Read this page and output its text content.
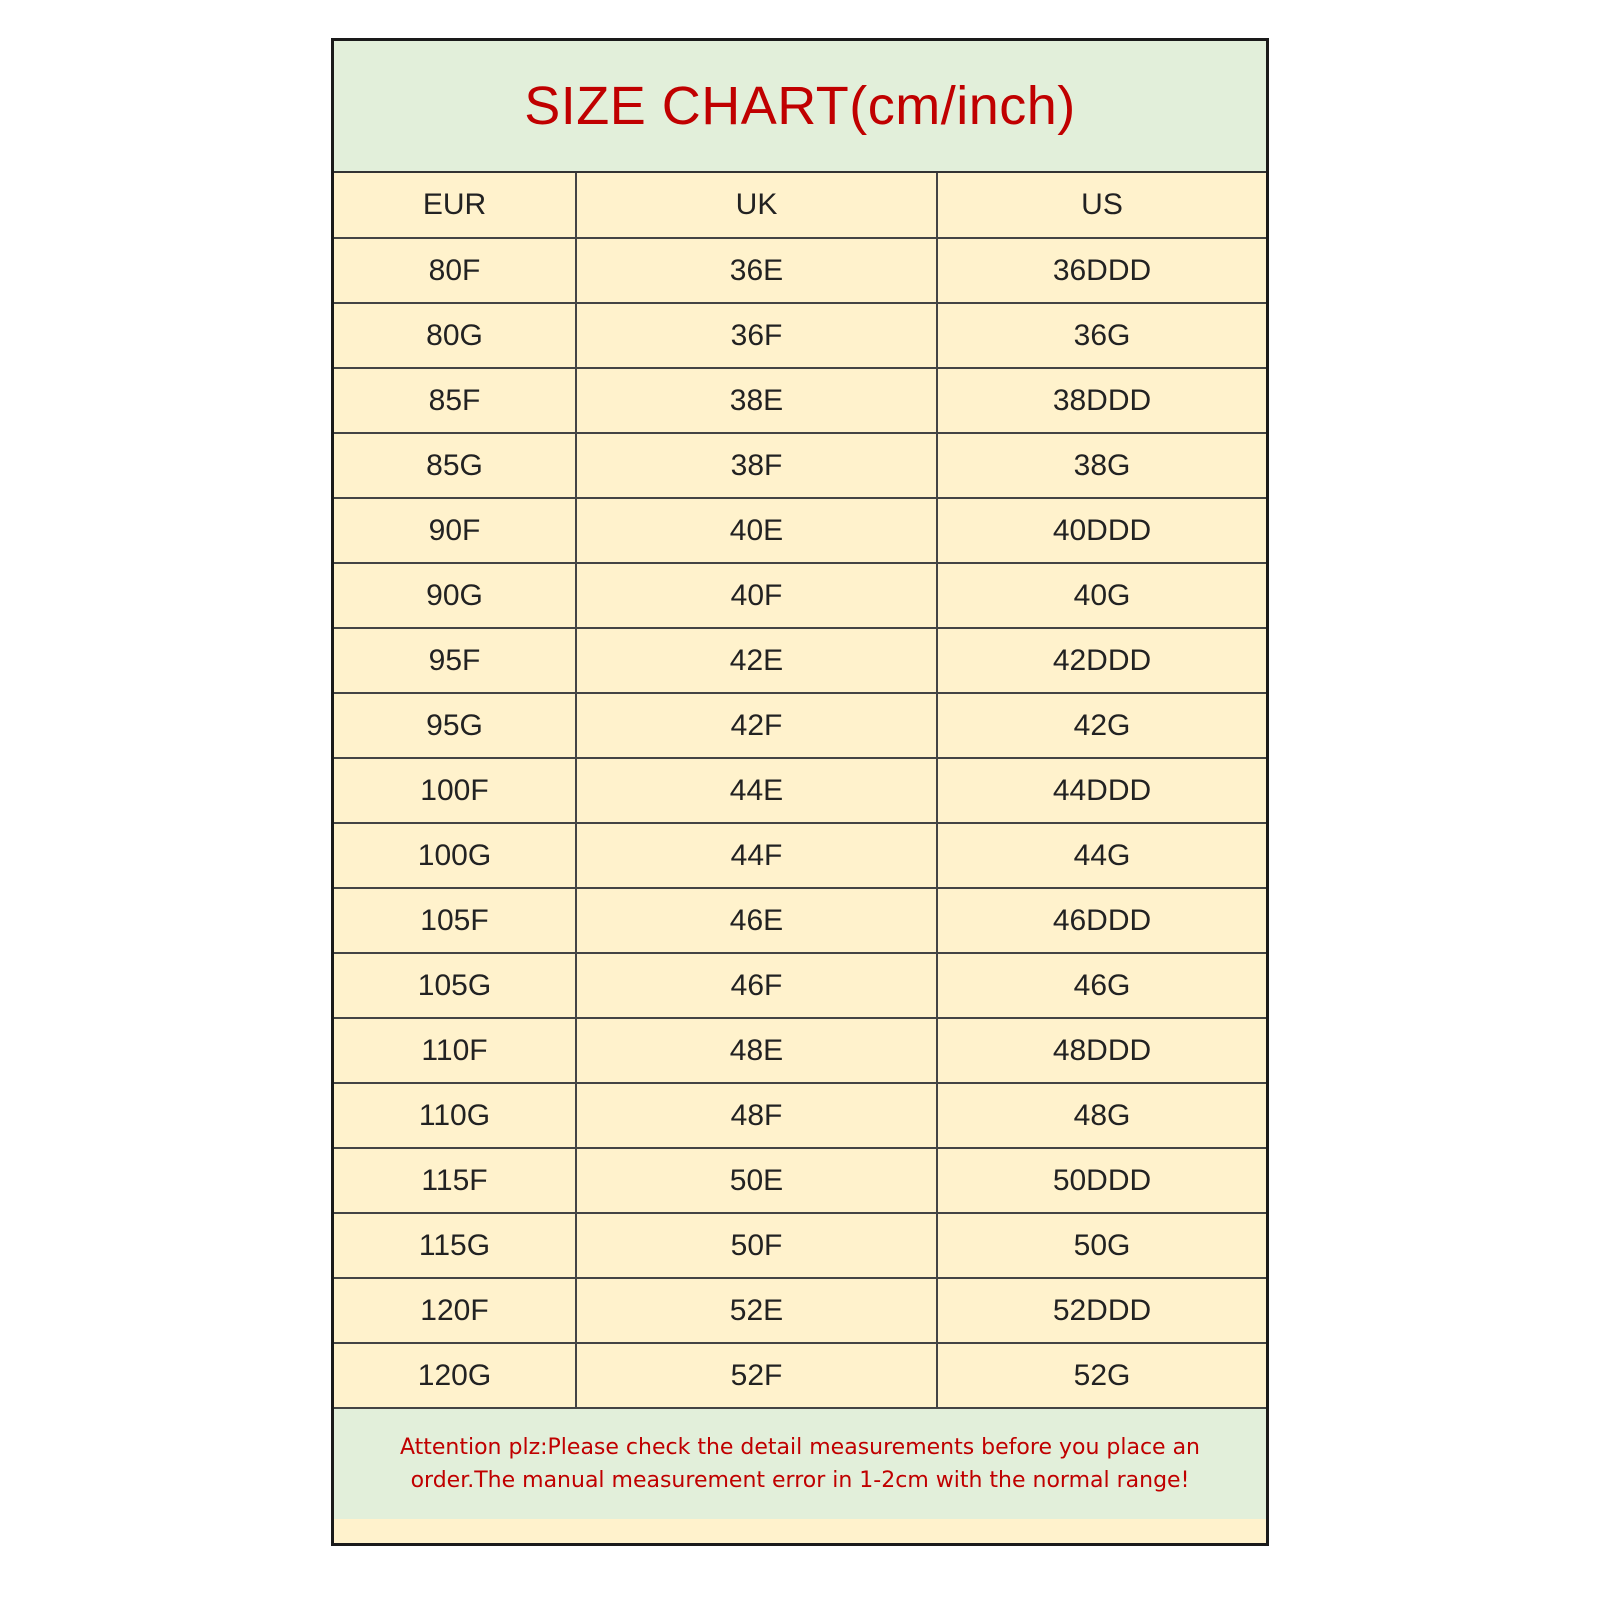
SIZE CHART(cm/inch)
EUR	UK	US
80F	36E	36DDD
80G	36F	36G
85F	38E	38DDD
85G	38F	38G
90F	40E	40DDD
90G	40F	40G
95F	42E	42DDD
95G	42F	42G
100F	44E	44DDD
100G	44F	44G
105F	46E	46DDD
105G	46F	46G
110F	48E	48DDD
110G	48F	48G
115F	50E	50DDD
115G	50F	50G
120F	52E	52DDD
120G	52F	52G
Attention plz:Please check the detail measurements before you place an order.The manual measurement error in 1-2cm with the normal range!
